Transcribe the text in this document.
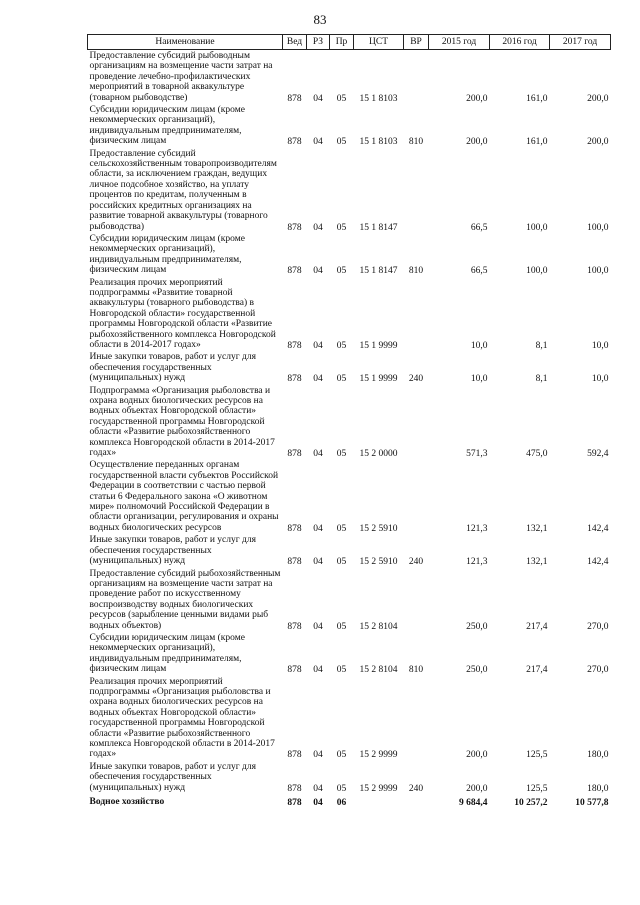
83
Наименование	Вед	РЗ	Пр	ЦСТ	ВР	2015 год	2016 год	2017 год
Предоставление субсидий рыбоводным организациям на возмещение части затрат на проведение лечебно-профилактических мероприятий в товарной аквакультуре (товарном рыбоводстве)	878	04	05	15 1 8103		200,0	161,0	200,0
Субсидии юридическим лицам (кроме некоммерческих организаций), индивидуальным предпринимателям, физическим лицам	878	04	05	15 1 8103	810	200,0	161,0	200,0
Предоставление субсидий сельскохозяйственным товаропроизводителям области, за исключением граждан, ведущих личное подсобное хозяйство, на уплату процентов по кредитам, полученным в российских кредитных организациях на развитие товарной аквакультуры (товарного рыбоводства)	878	04	05	15 1 8147		66,5	100,0	100,0
Субсидии юридическим лицам (кроме некоммерческих организаций), индивидуальным предпринимателям, физическим лицам	878	04	05	15 1 8147	810	66,5	100,0	100,0
Реализация прочих мероприятий подпрограммы «Развитие товарной аквакультуры (товарного рыбоводства) в Новгородской области» государственной программы Новгородской области «Развитие рыбохозяйственного комплекса Новгородской области в 2014-2017 годах»	878	04	05	15 1 9999		10,0	8,1	10,0
Иные закупки товаров, работ и услуг для обеспечения государственных (муниципальных) нужд	878	04	05	15 1 9999	240	10,0	8,1	10,0
Подпрограмма «Организация рыболовства и охрана водных биологических ресурсов на водных объектах Новгородской области» государственной программы Новгородской области «Развитие рыбохозяйственного комплекса Новгородской области в 2014-2017 годах»	878	04	05	15 2 0000		571,3	475,0	592,4
Осуществление переданных органам государственной власти субъектов Российской Федерации в соответствии с частью первой статьи 6 Федерального закона «О животном мире» полномочий Российской Федерации в области организации, регулирования и охраны водных биологических ресурсов	878	04	05	15 2 5910		121,3	132,1	142,4
Иные закупки товаров, работ и услуг для обеспечения государственных (муниципальных) нужд	878	04	05	15 2 5910	240	121,3	132,1	142,4
Предоставление субсидий рыбохозяйственным организациям на возмещение части затрат на проведение работ по искусственному воспроизводству водных биологических ресурсов (зарыбление ценными видами рыб водных объектов)	878	04	05	15 2 8104		250,0	217,4	270,0
Субсидии юридическим лицам (кроме некоммерческих организаций), индивидуальным предпринимателям, физическим лицам	878	04	05	15 2 8104	810	250,0	217,4	270,0
Реализация прочих мероприятий подпрограммы «Организация рыболовства и охрана водных биологических ресурсов на водных объектах Новгородской области» государственной программы Новгородской области «Развитие рыбохозяйственного комплекса Новгородской области в 2014-2017 годах»	878	04	05	15 2 9999		200,0	125,5	180,0
Иные закупки товаров, работ и услуг для обеспечения государственных (муниципальных) нужд	878	04	05	15 2 9999	240	200,0	125,5	180,0
Водное хозяйство	878	04	06			9 684,4	10 257,2	10 577,8
